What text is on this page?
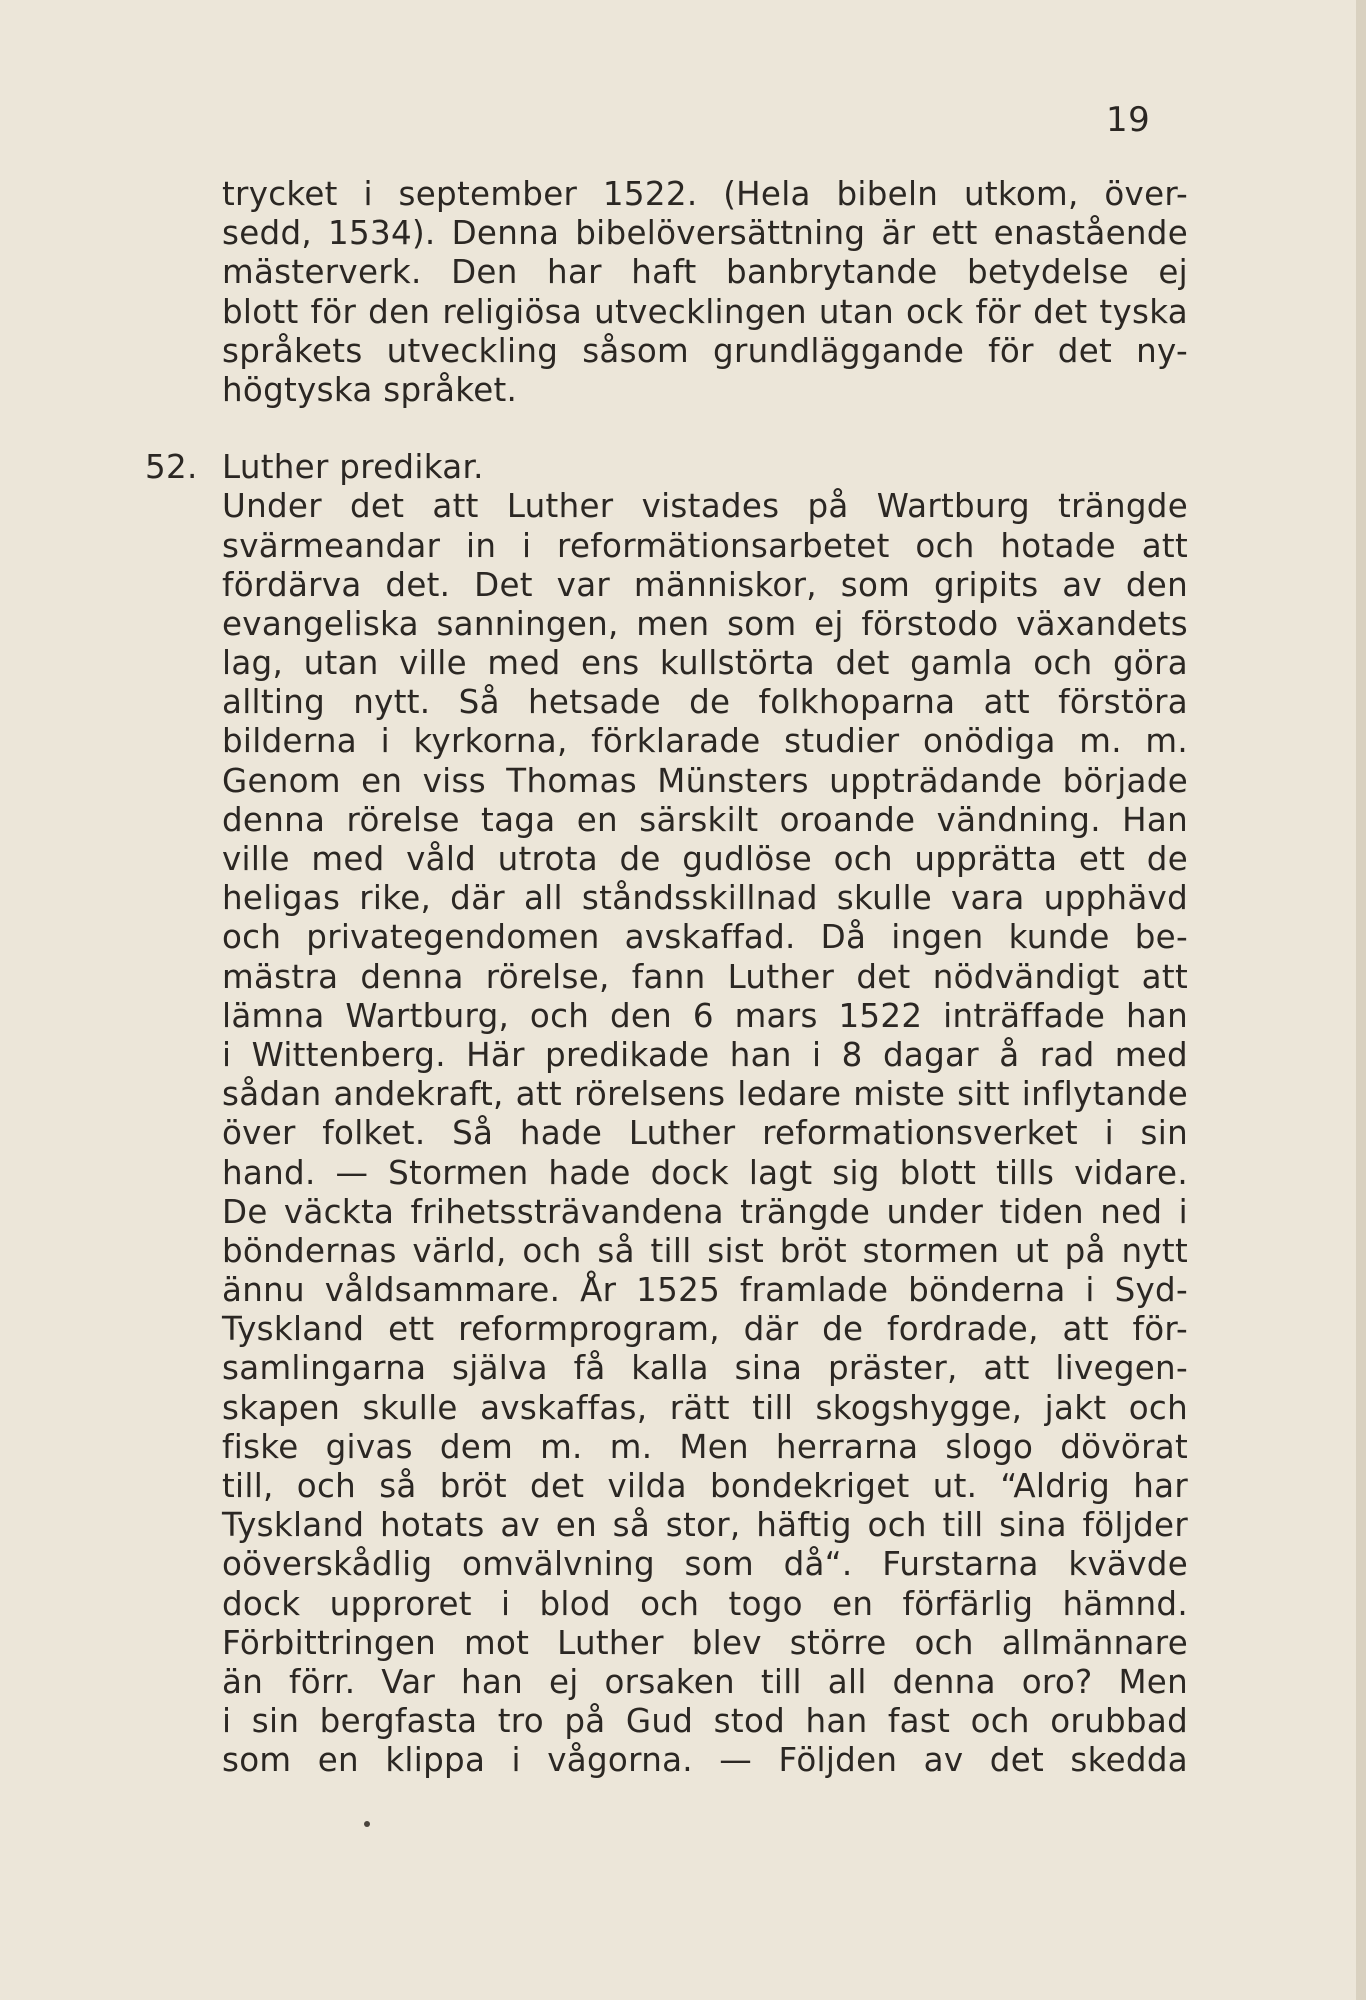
19
trycket i september 1522. (Hela bibeln utkom, över-
sedd, 1534). Denna bibelöversättning är ett enastående
mästerverk. Den har haft banbrytande betydelse ej
blott för den religiösa utvecklingen utan ock för det tyska
språkets utveckling såsom grundläggande för det ny-
högtyska språket.
52. Luther predikar.
Under det att Luther vistades på Wartburg trängde
svärmeandar in i reformätionsarbetet och hotade att
fördärva det. Det var människor, som gripits av den
evangeliska sanningen, men som ej förstodo växandets
lag, utan ville med ens kullstörta det gamla och göra
allting nytt. Så hetsade de folkhoparna att förstöra
bilderna i kyrkorna, förklarade studier onödiga m. m.
Genom en viss Thomas Münsters uppträdande började
denna rörelse taga en särskilt oroande vändning. Han
ville med våld utrota de gudlöse och upprätta ett de
heligas rike, där all ståndsskillnad skulle vara upphävd
och privategendomen avskaffad. Då ingen kunde be-
mästra denna rörelse, fann Luther det nödvändigt att
lämna Wartburg, och den 6 mars 1522 inträffade han
i Wittenberg. Här predikade han i 8 dagar å rad med
sådan andekraft, att rörelsens ledare miste sitt inflytande
över folket. Så hade Luther reformationsverket i sin
hand. — Stormen hade dock lagt sig blott tills vidare.
De väckta frihetssträvandena trängde under tiden ned i
böndernas värld, och så till sist bröt stormen ut på nytt
ännu våldsammare. År 1525 framlade bönderna i Syd-
Tyskland ett reformprogram, där de fordrade, att för-
samlingarna själva få kalla sina präster, att livegen-
skapen skulle avskaffas, rätt till skogshygge, jakt och
fiske givas dem m. m. Men herrarna slogo dövörat
till, och så bröt det vilda bondekriget ut. “Aldrig har
Tyskland hotats av en så stor, häftig och till sina följder
oöverskådlig omvälvning som då“. Furstarna kvävde
dock upproret i blod och togo en förfärlig hämnd.
Förbittringen mot Luther blev större och allmännare
än förr. Var han ej orsaken till all denna oro? Men
i sin bergfasta tro på Gud stod han fast och orubbad
som en klippa i vågorna. — Följden av det skedda
